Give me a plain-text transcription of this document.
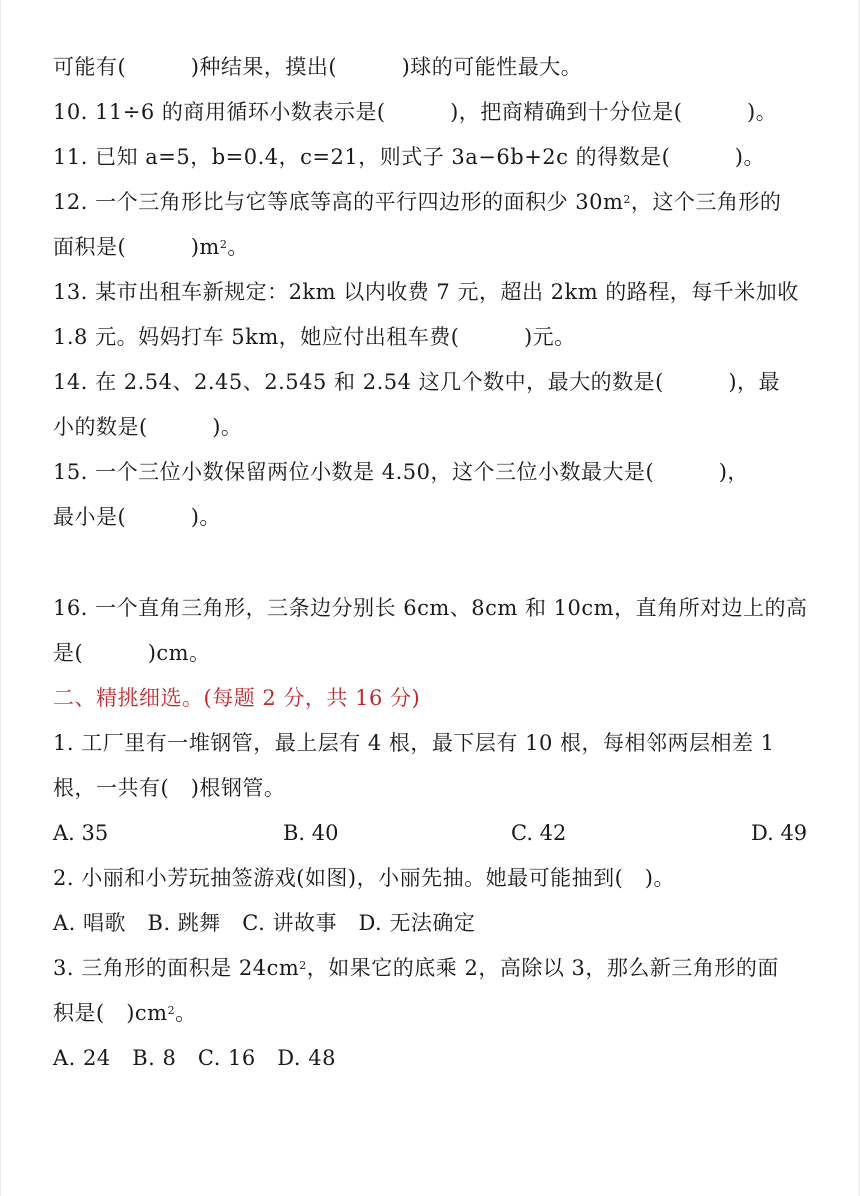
可能有(　　　)种结果，摸出(　　　)球的可能性最大。
10. 11÷6 的商用循环小数表示是(　　　)，把商精确到十分位是(　　　)。
11. 已知 a=5，b=0.4，c=21，则式子 3a−6b+2c 的得数是(　　　)。
12. 一个三角形比与它等底等高的平行四边形的面积少 $30m^2$，这个三角形的
面积是(　　　)$m^2$。
13. 某市出租车新规定：2km 以内收费 7 元，超出 2km 的路程，每千米加收
1.8 元。妈妈打车 5km，她应付出租车费(　　　)元。
14. 在 2.54、2.45、2.545 和 2.54 这几个数中，最大的数是(　　　)，最
小的数是(　　　)。
15. 一个三位小数保留两位小数是 4.50，这个三位小数最大是(　　　)，
最小是(　　　)。
16. 一个直角三角形，三条边分别长 6cm、8cm 和 10cm，直角所对边上的高
是(　　　)cm。
二、精挑细选。(每题 2 分，共 16 分)
1. 工厂里有一堆钢管，最上层有 4 根，最下层有 10 根，每相邻两层相差 1
根，一共有(　)根钢管。
A. 35	B. 40	C. 42	D. 49
2. 小丽和小芳玩抽签游戏(如图)，小丽先抽。她最可能抽到(　)。
A. 唱歌　B. 跳舞　C. 讲故事　D. 无法确定
3. 三角形的面积是 $24cm^2$，如果它的底乘 2，高除以 3，那么新三角形的面
积是(　)$cm^2$。
A. 24　B. 8　C. 16　D. 48
